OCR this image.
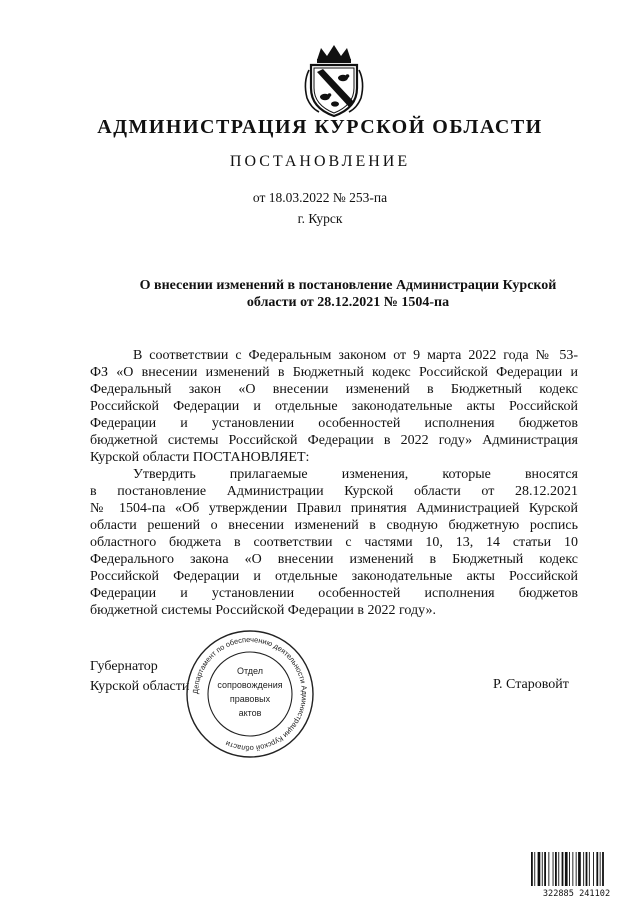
АДМИНИСТРАЦИЯ КУРСКОЙ ОБЛАСТИ
ПОСТАНОВЛЕНИЕ
от 18.03.2022 № 253-па
г. Курск
О внесении изменений в постановление Администрации Курской
области от 28.12.2021 № 1504-па
В соответствии с Федеральным законом от 9 марта 2022 года № 53-
ФЗ «О внесении изменений в Бюджетный кодекс Российской Федерации и
Федеральный закон «О внесении изменений в Бюджетный кодекс
Российской Федерации и отдельные законодательные акты Российской
Федерации и установлении особенностей исполнения бюджетов
бюджетной системы Российской Федерации в 2022 году» Администрация
Курской области ПОСТАНОВЛЯЕТ:
Утвердить прилагаемые изменения, которые вносятся
в постановление Администрации Курской области от 28.12.2021
№ 1504-па «Об утверждении Правил принятия Администрацией Курской
области решений о внесении изменений в сводную бюджетную роспись
областного бюджета в соответствии с частями 10, 13, 14 статьи 10
Федерального закона «О внесении изменений в Бюджетный кодекс
Российской Федерации и отдельные законодательные акты Российской
Федерации и установлении особенностей исполнения бюджетов
бюджетной системы Российской Федерации в 2022 году».
Губернатор
Курской области	Р. Старовойт
Департамент по обеспечению деятельности Администрации Курской области
Отдел
сопровождения
правовых
актов
322885 241102
